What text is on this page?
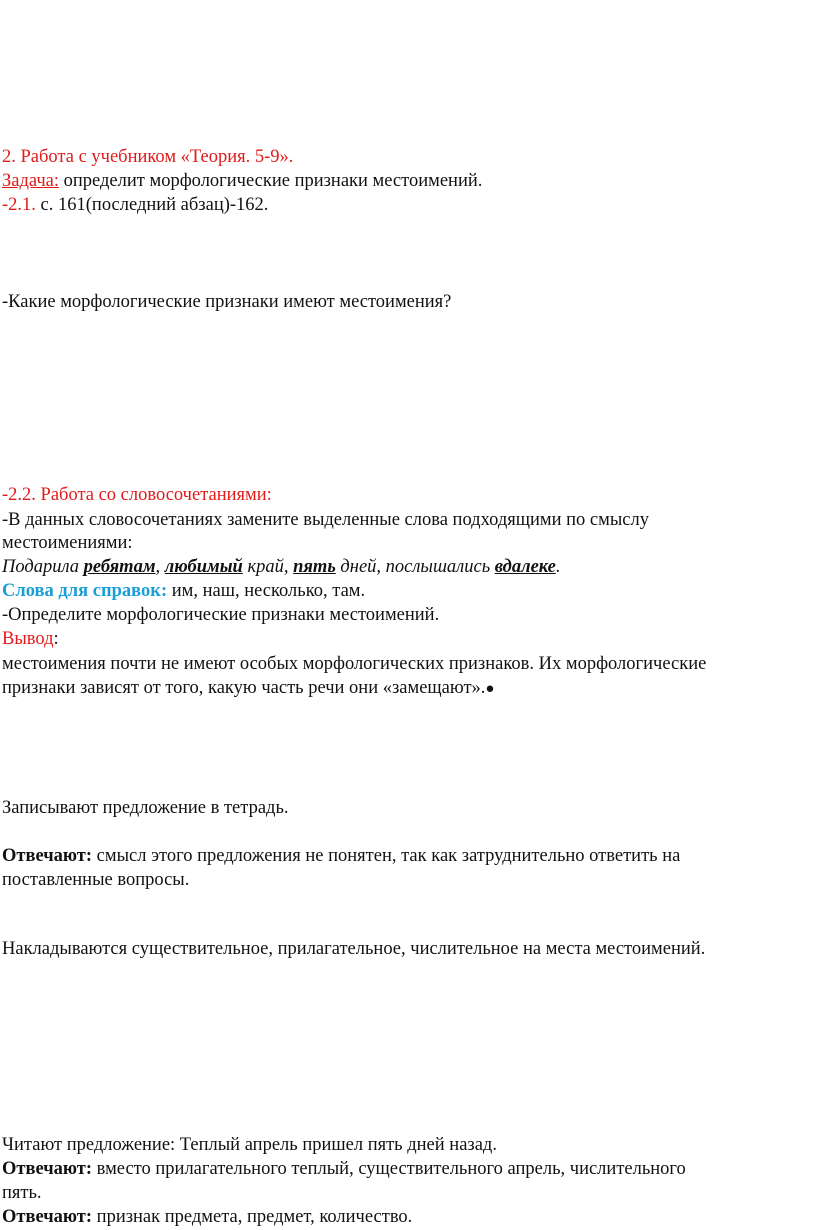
2. Работа с учебником «Теория. 5-9».
Задача: определит морфологические признаки местоимений.
-2.1. с. 161(последний абзац)-162.
-Какие морфологические признаки имеют местоимения?
-2.2. Работа со словосочетаниями:
-В данных словосочетаниях замените выделенные слова подходящими по смыслу
местоимениями:
Подарила ребятам, любимый край, пять дней, послышались вдалеке.
Слова для справок: им, наш, несколько, там.
-Определите морфологические признаки местоимений.
Вывод:
местоимения почти не имеют особых морфологических признаков. Их морфологические
признаки зависят от того, какую часть речи они «замещают».●
Записывают предложение в тетрадь.
Отвечают: смысл этого предложения не понятен, так как затруднительно ответить на
поставленные вопросы.
Накладываются существительное, прилагательное, числительное на места местоимений.
Читают предложение: Теплый апрель пришел пять дней назад.
Отвечают: вместо прилагательного теплый, существительного апрель, числительного
пять.
Отвечают: признак предмета, предмет, количество.
